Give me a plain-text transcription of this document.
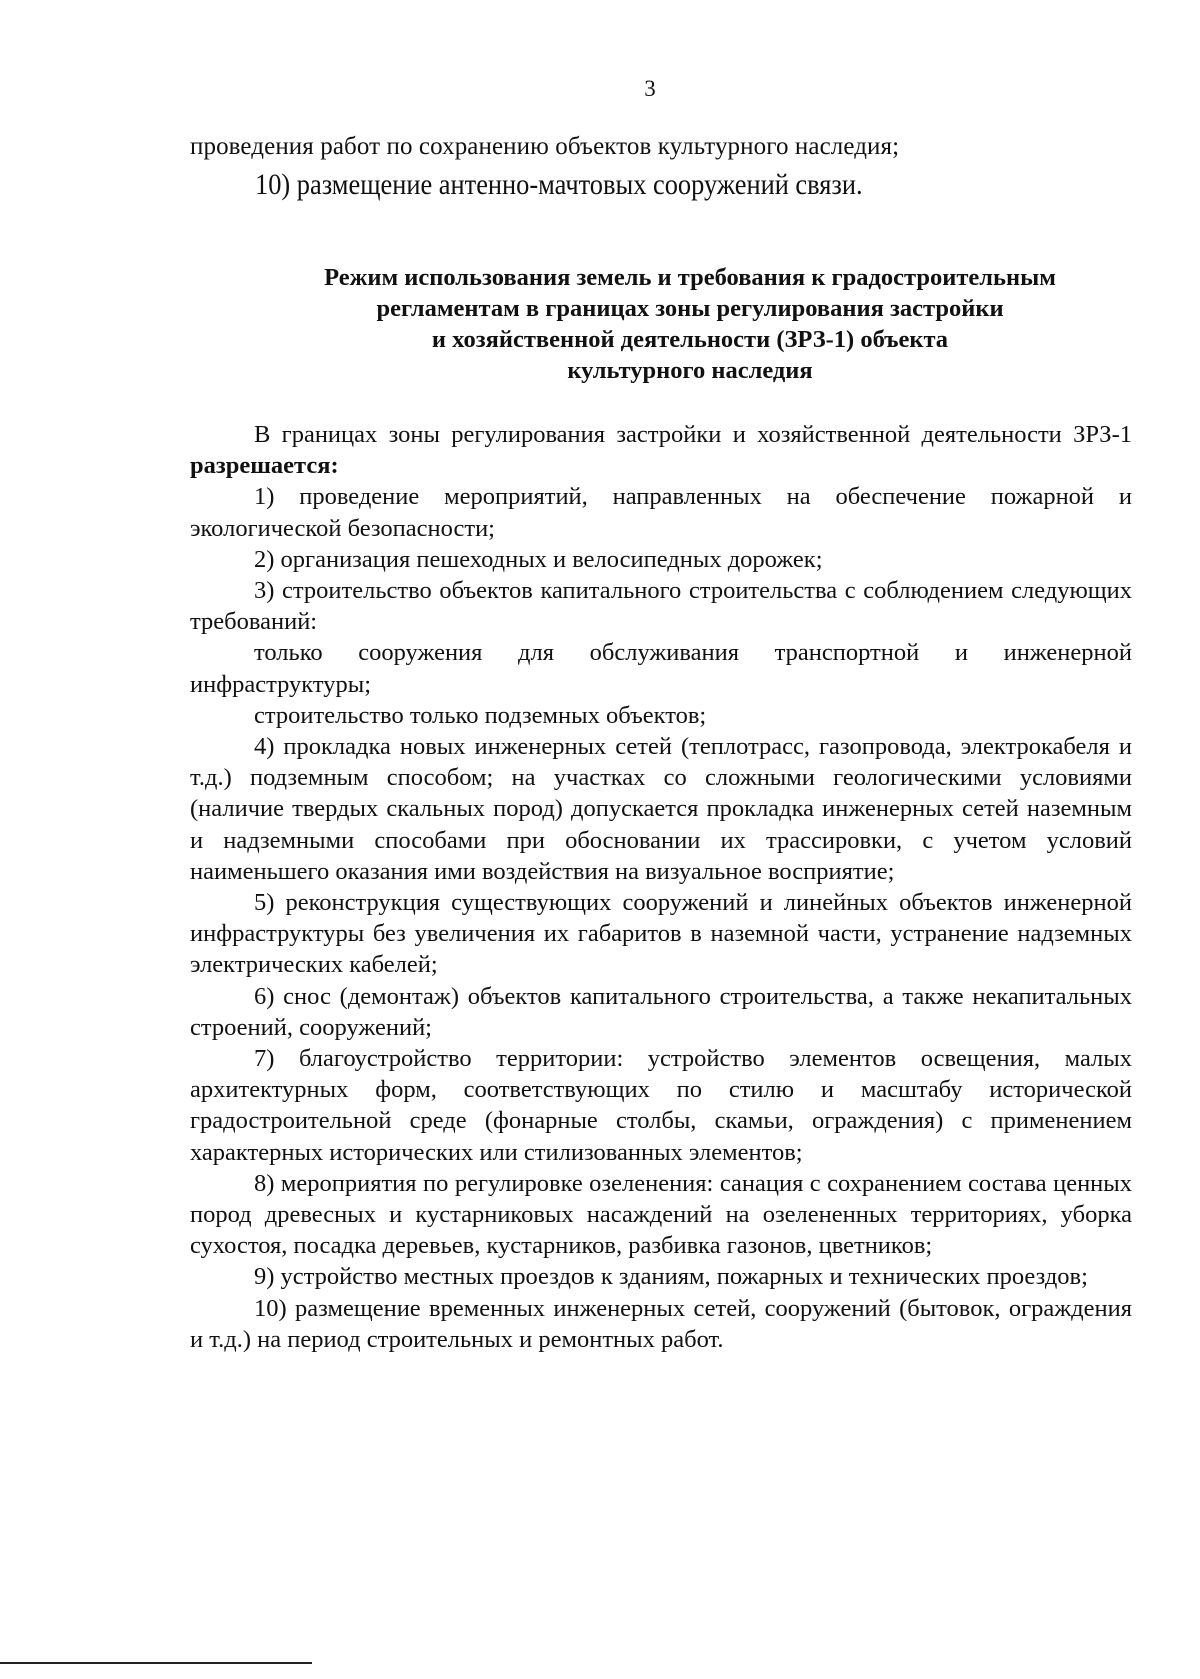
3
проведения работ по сохранению объектов культурного наследия;
10) размещение антенно-мачтовых сооружений связи.
Режим использования земель и требования к градостроительным
регламентам в границах зоны регулирования застройки
и хозяйственной деятельности (ЗРЗ-1) объекта
культурного наследия

В границах зоны регулирования застройки и хозяйственной деятельности ЗРЗ-1 разрешается:

1) проведение мероприятий, направленных на обеспечение пожарной и экологической безопасности;

2) организация пешеходных и велосипедных дорожек;

3) строительство объектов капитального строительства с соблюдением следующих требований:

только сооружения для обслуживания транспортной и инженерной инфраструктуры;

строительство только подземных объектов;

4) прокладка новых инженерных сетей (теплотрасс, газопровода, электрокабеля и т.д.) подземным способом; на участках со сложными геологическими условиями (наличие твердых скальных пород) допускается прокладка инженерных сетей наземным и надземными способами при обосновании их трассировки, с учетом условий наименьшего оказания ими воздействия на визуальное восприятие;

5) реконструкция существующих сооружений и линейных объектов инженерной инфраструктуры без увеличения их габаритов в наземной части, устранение надземных электрических кабелей;

6) снос (демонтаж) объектов капитального строительства, а также некапитальных строений, сооружений;

7) благоустройство территории: устройство элементов освещения, малых архитектурных форм, соответствующих по стилю и масштабу исторической градостроительной среде (фонарные столбы, скамьи, ограждения) с применением характерных исторических или стилизованных элементов;

8) мероприятия по регулировке озеленения: санация с сохранением состава ценных пород древесных и кустарниковых насаждений на озелененных территориях, уборка сухостоя, посадка деревьев, кустарников, разбивка газонов, цветников;

9) устройство местных проездов к зданиям, пожарных и технических проездов;

10) размещение временных инженерных сетей, сооружений (бытовок, ограждения и т.д.) на период строительных и ремонтных работ.
